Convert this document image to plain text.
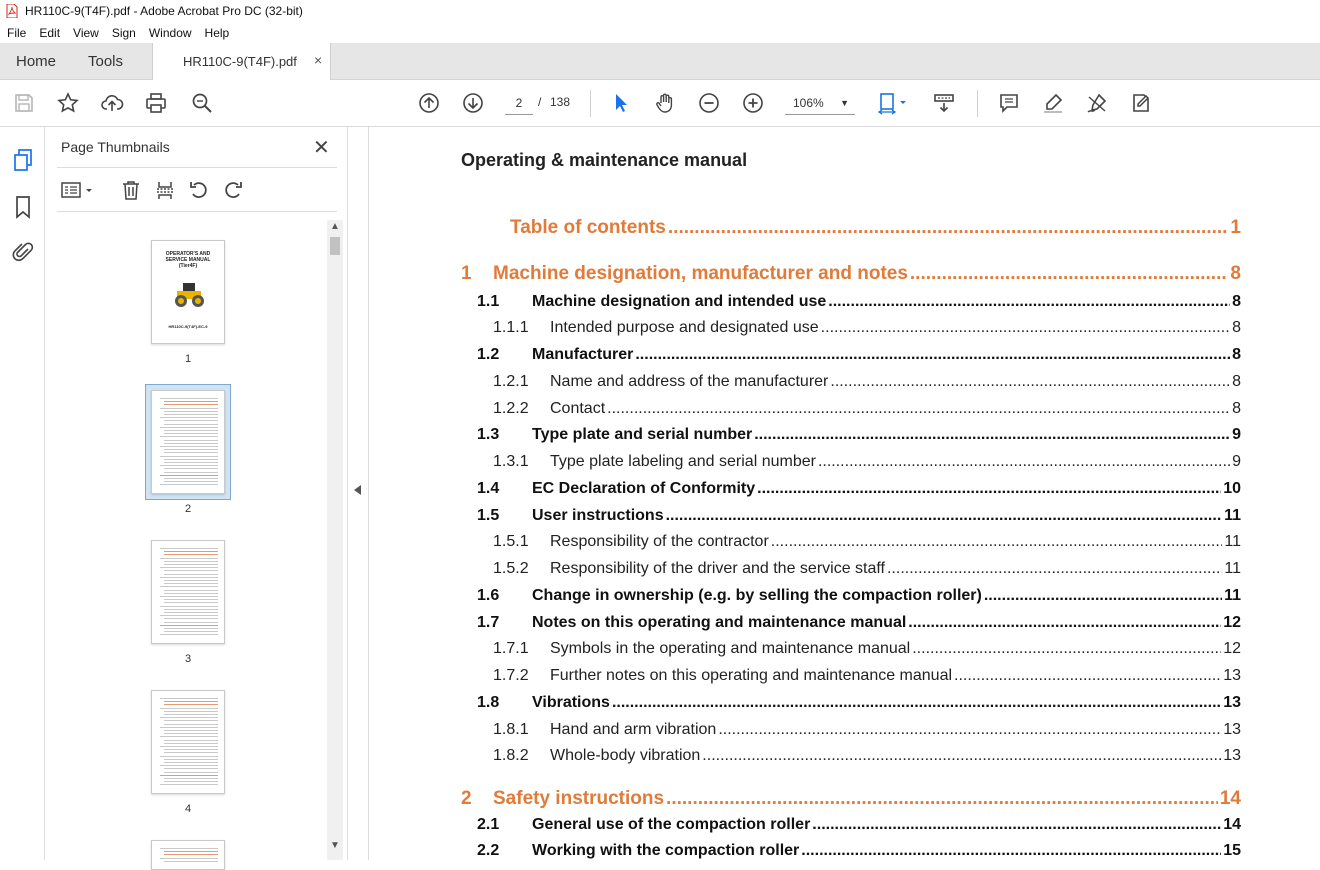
HR110C-9(T4F).pdf - Adobe Acrobat Pro DC (32-bit)
File	Edit	View	Sign	Window	Help
Home Tools	HR110C-9(T4F).pdf ×
2	/ 138	106% ▼
Page Thumbnails	✕
OPERATOR'S AND
SERVICE MANUAL
(Tier4F)
HR110C-9(T4F)-EC-9
1
2
3
4
▲
▼
Operating & maintenance manual
Table of contents .....	1
1	Machine designation, manufacturer and notes .....	8
1.1	Machine designation and intended use .....	8
1.1.1	Intended purpose and designated use .....	8
1.2	Manufacturer .....	8
1.2.1	Name and address of the manufacturer .....	8
1.2.2	Contact .....	8
1.3	Type plate and serial number .....	9
1.3.1	Type plate labeling and serial number .....	9
1.4	EC Declaration of Conformity .....	10
1.5	User instructions .....	11
1.5.1	Responsibility of the contractor .....	11
1.5.2	Responsibility of the driver and the service staff .....	11
1.6	Change in ownership (e.g. by selling the compaction roller) .....	11
1.7	Notes on this operating and maintenance manual .....	12
1.7.1	Symbols in the operating and maintenance manual .....	12
1.7.2	Further notes on this operating and maintenance manual .....	13
1.8	Vibrations .....	13
1.8.1	Hand and arm vibration .....	13
1.8.2	Whole-body vibration .....	13
2	Safety instructions .....	14
2.1	General use of the compaction roller .....	14
2.2	Working with the compaction roller .....	15
